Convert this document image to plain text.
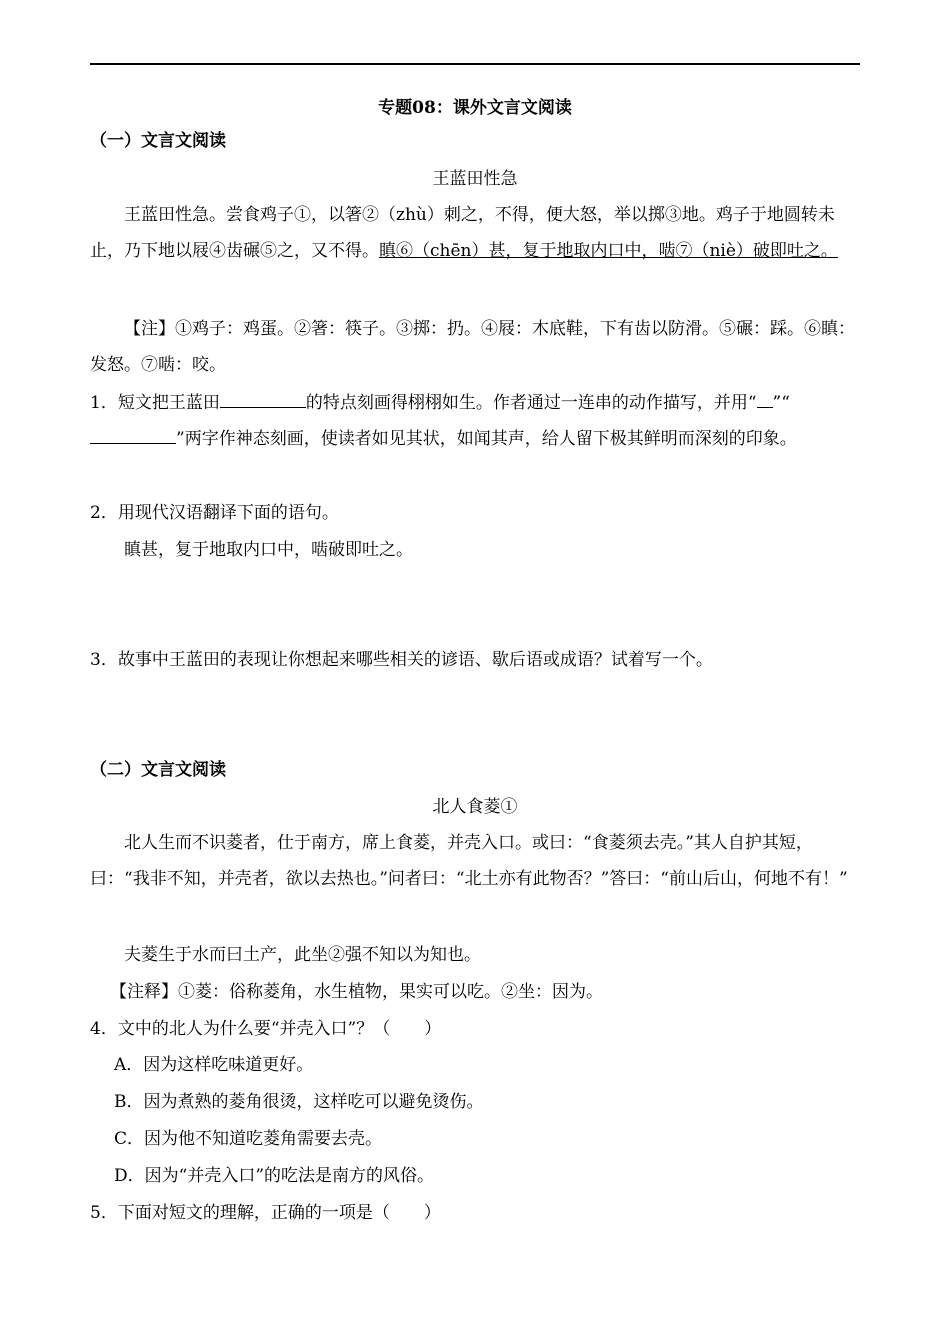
专题08：课外文言文阅读
（一）文言文阅读
王蓝田性急
王蓝田性急。尝食鸡子①，以箸②（zhù）刺之，不得，便大怒，举以掷③地。鸡子于地圆转未止，乃下地以屐④齿碾⑤之，又不得。瞋⑥（chēn）甚，复于地取内口中，啮⑦（niè）破即吐之。
【注】①鸡子：鸡蛋。②箸：筷子。③掷：扔。④屐：木底鞋，下有齿以防滑。⑤碾：踩。⑥瞋：发怒。⑦啮：咬。
1．短文把王蓝田	的特点刻画得栩栩如生。作者通过一连串的动作描写，并用“ ”“”两字作神态刻画，使读者如见其状，如闻其声，给人留下极其鲜明而深刻的印象。
2．用现代汉语翻译下面的语句。
瞋甚，复于地取内口中，啮破即吐之。
3．故事中王蓝田的表现让你想起来哪些相关的谚语、歇后语或成语？试着写一个。
（二）文言文阅读
北人食菱①
北人生而不识菱者，仕于南方，席上食菱，并壳入口。或曰：“食菱须去壳。”其人自护其短，曰：“我非不知，并壳者，欲以去热也。”问者曰：“北土亦有此物否？”答曰：“前山后山，何地不有！”
夫菱生于水而曰土产，此坐②强不知以为知也。
【注释】①菱：俗称菱角，水生植物，果实可以吃。②坐：因为。
4．文中的北人为什么要“并壳入口”？（　　）
A．因为这样吃味道更好。
B．因为煮熟的菱角很烫，这样吃可以避免烫伤。
C．因为他不知道吃菱角需要去壳。
D．因为“并壳入口”的吃法是南方的风俗。
5．下面对短文的理解，正确的一项是（　　）
